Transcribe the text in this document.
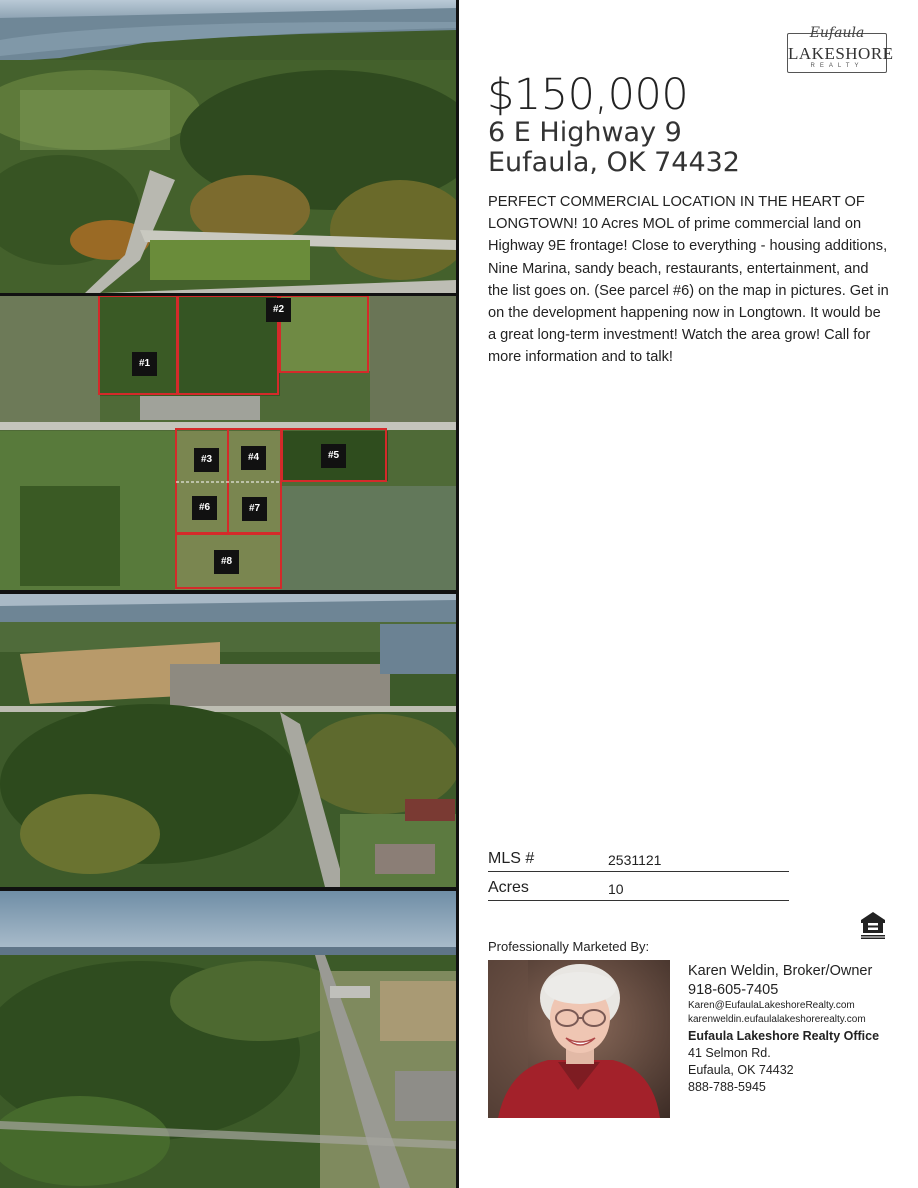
#1
#2
#3	#4	#5
#6	#7
#8
Eufaula
LAKESHORE
REALTY
$150,000
6 E Highway 9
Eufaula, OK 74432
PERFECT COMMERCIAL LOCATION IN THE HEART OF LONGTOWN! 10 Acres MOL of prime commercial land on Highway 9E frontage! Close to everything - housing additions, Nine Marina, sandy beach, restaurants, entertainment, and the list goes on. (See parcel #6) on the map in pictures. Get in on the development happening now in Longtown. It would be a great long-term investment! Watch the area grow! Call for more information and to talk!
MLS #	2531121
Acres	10
Professionally Marketed By:
Karen Weldin, Broker/Owner
918-605-7405
Karen@EufaulaLakeshoreRealty.com
karenweldin.eufaulalakeshorerealty.com
Eufaula Lakeshore Realty Office
41 Selmon Rd.
Eufaula, OK 74432
888-788-5945
